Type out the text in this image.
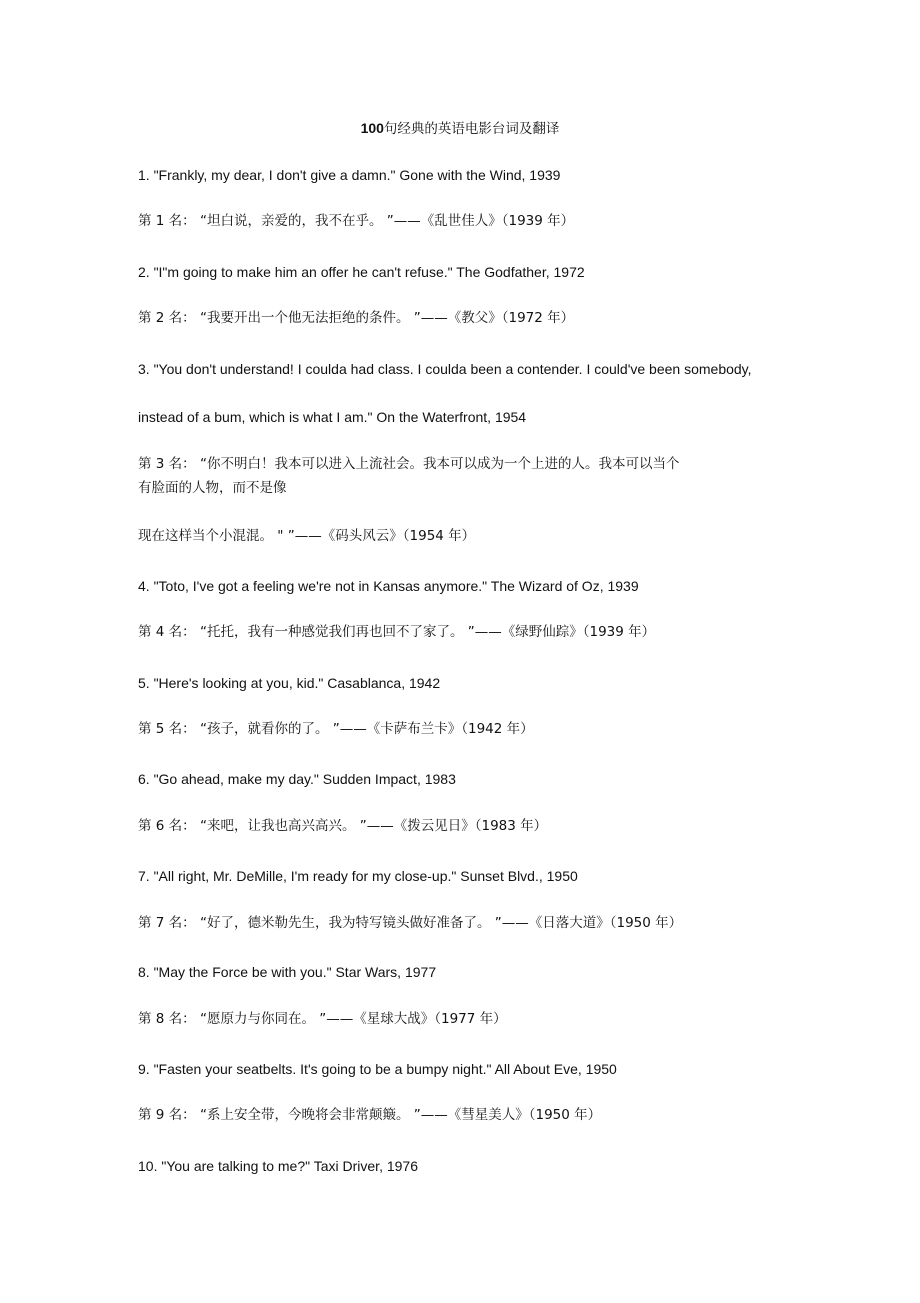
100句经典的英语电影台词及翻译
1. "Frankly, my dear, I don't give a damn." Gone with the Wind, 1939
第 1 名： “坦白说，亲爱的，我不在乎。 ”——《乱世佳人》（1939 年）
2. "I"m going to make him an offer he can't refuse." The Godfather, 1972
第 2 名： “我要开出一个他无法拒绝的条件。 ”——《教父》（1972 年）
3. "You don't understand! I coulda had class. I coulda been a contender. I could've been somebody,
instead of a bum, which is what I am." On the Waterfront, 1954
第 3 名： “你不明白！我本可以进入上流社会。我本可以成为一个上进的人。我本可以当个
有脸面的人物，而不是像
现在这样当个小混混。 " ”——《码头风云》（1954 年）
4. "Toto, I've got a feeling we're not in Kansas anymore." The Wizard of Oz, 1939
第 4 名： “托托，我有一种感觉我们再也回不了家了。 ”——《绿野仙踪》（1939 年）
5. "Here's looking at you, kid." Casablanca, 1942
第 5 名： “孩子，就看你的了。 ”——《卡萨布兰卡》（1942 年）
6. "Go ahead, make my day." Sudden Impact, 1983
第 6 名： “来吧，让我也高兴高兴。 ”——《拨云见日》（1983 年）
7. "All right, Mr. DeMille, I'm ready for my close-up." Sunset Blvd., 1950
第 7 名： “好了，德米勒先生，我为特写镜头做好准备了。 ”——《日落大道》（1950 年）
8. "May the Force be with you." Star Wars, 1977
第 8 名： “愿原力与你同在。 ”——《星球大战》（1977 年）
9. "Fasten your seatbelts. It's going to be a bumpy night." All About Eve, 1950
第 9 名： “系上安全带，今晚将会非常颠簸。 ”——《彗星美人》（1950 年）
10. "You are talking to me?" Taxi Driver, 1976
